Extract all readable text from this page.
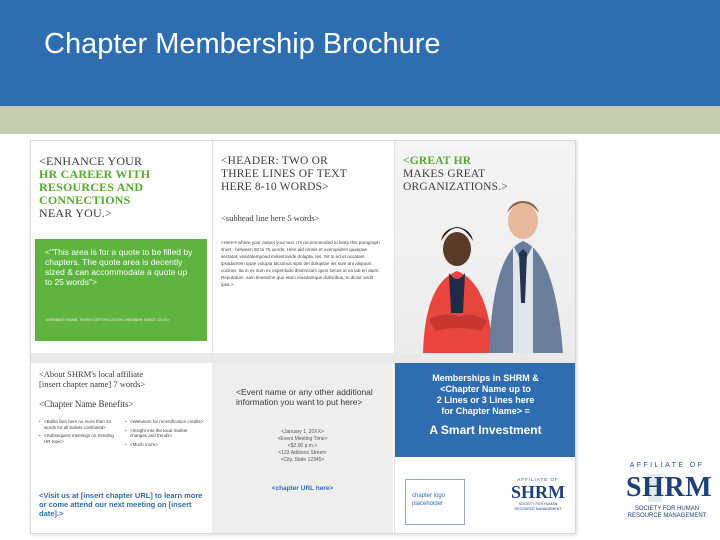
Chapter Membership Brochure
<ENHANCE YOUR
HR CAREER WITH
RESOURCES AND
CONNECTIONS
NEAR YOU.>
<"This area is for a quote to be filled by chapters. The quote area is decently sized & can accommodate a quote up to 25 words">
<MEMBER NAME, SHRM CERTIFICATION, MEMBER SINCE 2XXX>
<HEADER: TWO OR
THREE LINES OF TEXT
HERE 8-10 WORDS>
<subhead line here 5 words>
<Here's where your output your text. It's recommended to keep this paragraph short - between 50 to 75 words. Here aid omnis et exerupidem quaepae sectatat, volutatempoad molestrande dolupta, tes. Sit to ed et occatam ipsadamem quae volupta taccimus sipsi del dolupitae iss sum ant aliquam coloran. Ita in ex sum ex experitudo distrinctum quos secus ut ea lab eri atum. Reputatum, sam tinessime quo etam eiusdamque dulloribus, to dictur sedit ipsa.>
<GREAT HR
MAKES GREAT
ORGANIZATIONS.>
Memberships in SHRM &
<Chapter Name up to
2 Lines or 3 Lines here
for Chapter Name> =
A Smart Investment
chapter logo
placeholder
AFFILIATE OF
SHRM
SOCIETY FOR HUMAN
RESOURCE MANAGEMENT
<About SHRM's local affiliate
[insert chapter name] 7 words>
<Chapter Name Benefits>
• <Bullet lists here no more than 24 words for all bullets combined>
• <Subsequent meetings on trending HR topic>
• <Webinars for recertification credits>
• <Insight into the local market changes and trends>
• <Much more>
<Visit us at [insert chapter URL] to learn more or come attend our next meeting on [insert date].>
<Event name or any other additional information you want to put here>
<January 1, 20XX>
<Event Meeting Time>
<$2.00 p.m.>
<123 Address Street>
<City, State 12345>
<chapter URL here>
AFFILIATE OF
SHRM
SOCIETY FOR HUMAN
RESOURCE MANAGEMENT
